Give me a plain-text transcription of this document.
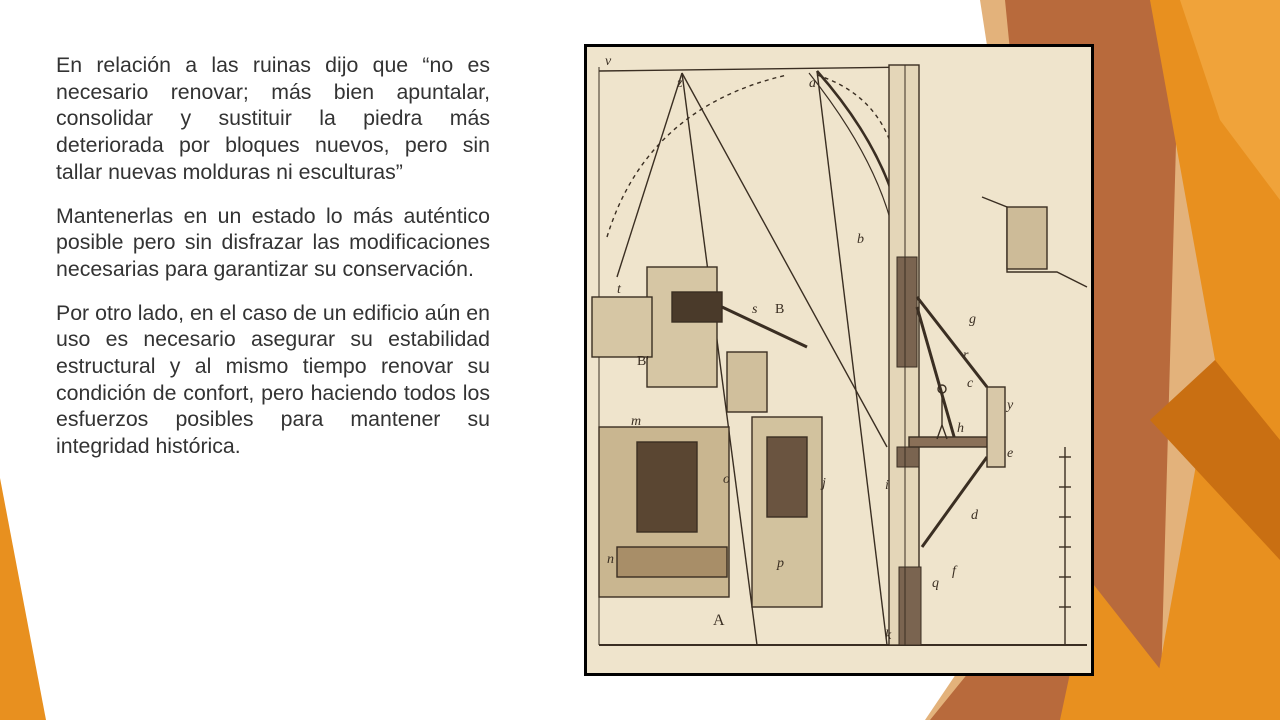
En relación a las ruinas dijo que “no es necesario renovar; más bien apuntalar, consolidar y sustituir la piedra más deteriorada por bloques nuevos, pero sin tallar nuevas molduras ni esculturas”

Mantenerlas en un estado lo más auténtico posible pero sin disfrazar las modificaciones necesarias para garantizar su conservación.

Por otro lado, en el caso de un edificio aún en uso es necesario asegurar su estabilidad estructural y al mismo tiempo renovar su condición de confort, pero haciendo todos los esfuerzos posibles para mantener su integridad histórica.

v
z	a
b
t
s B
B'
g
r
c
y
h
m
o
e
i
j
d
p
n
f
q
A
k
